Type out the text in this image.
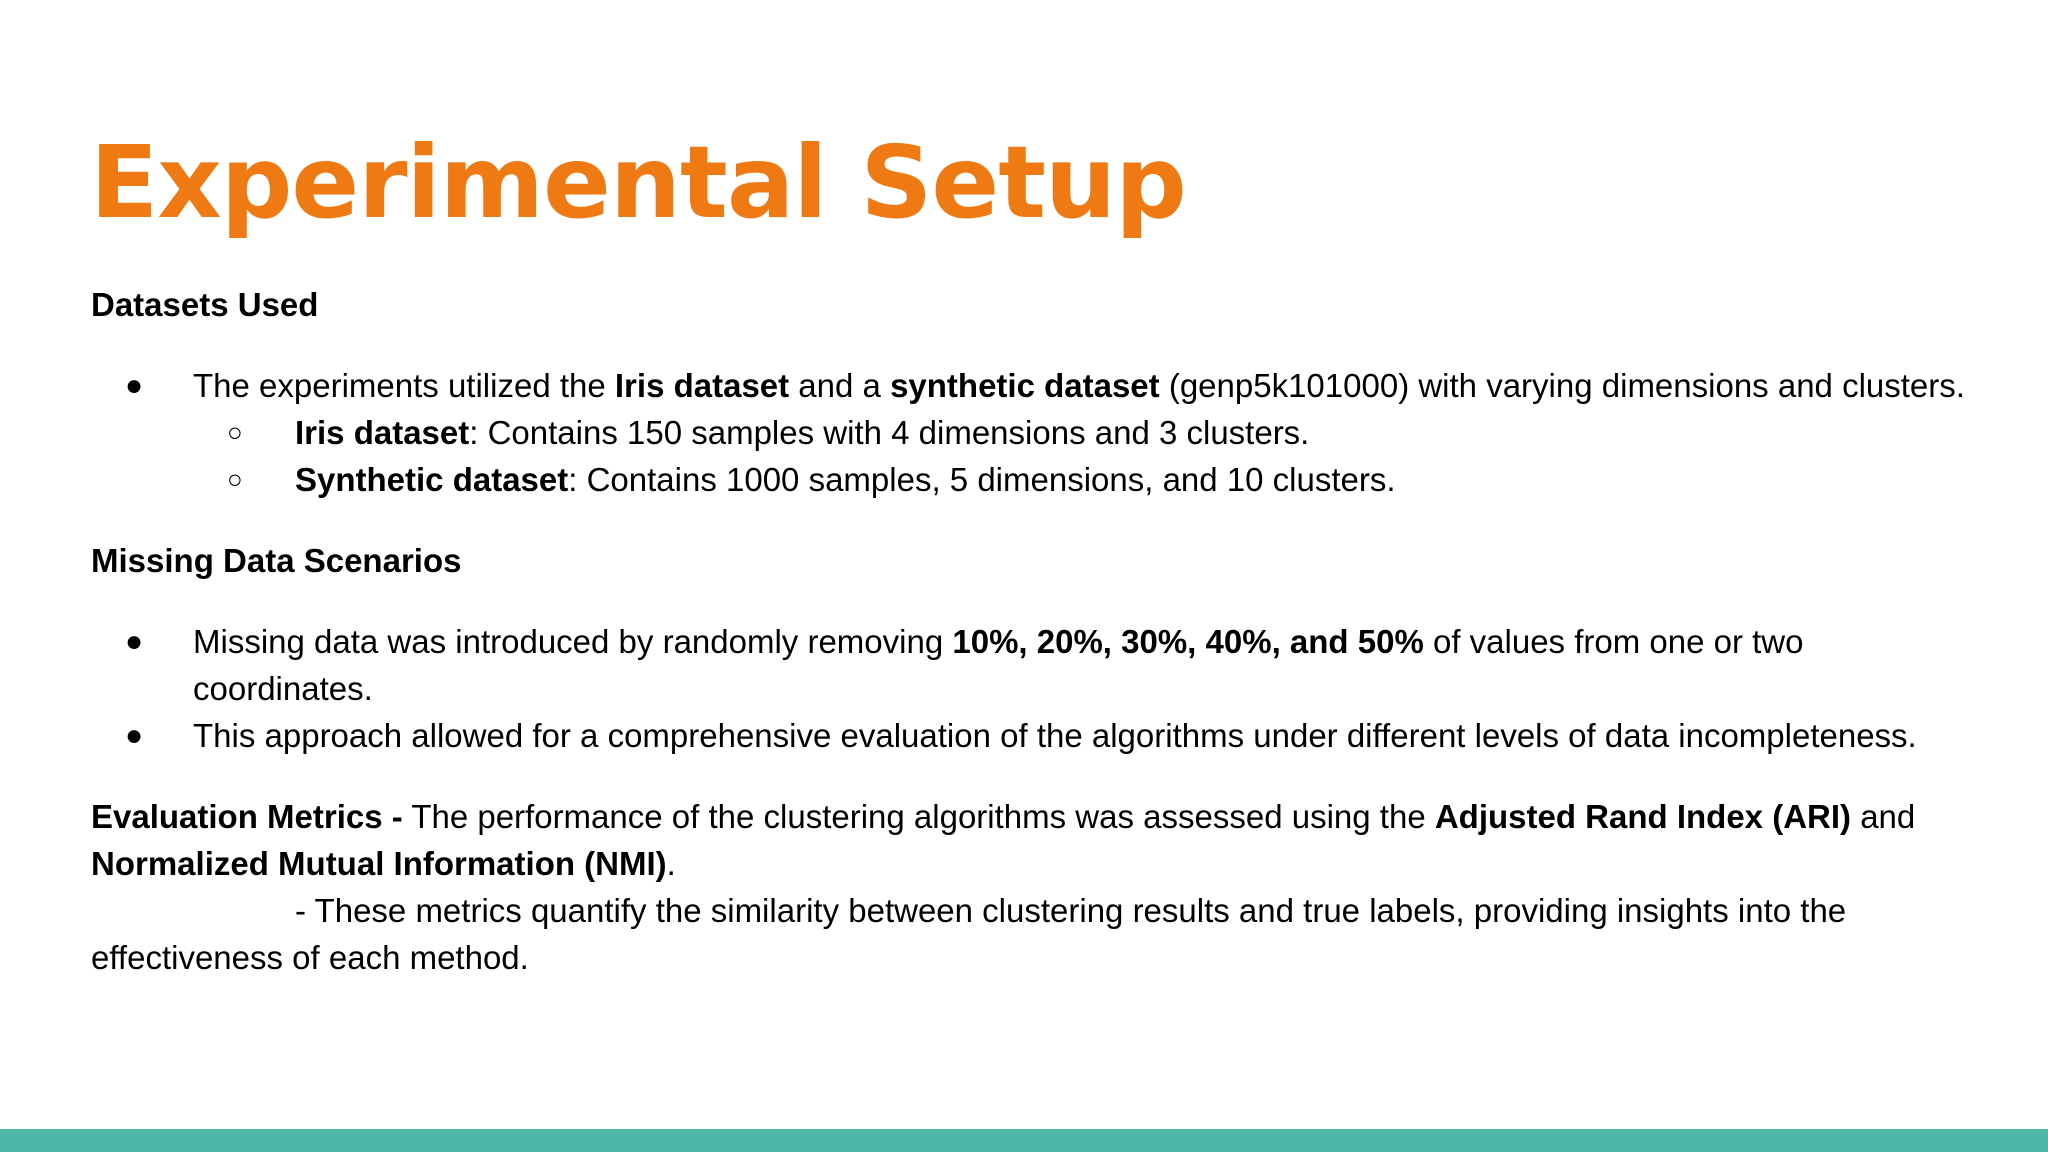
Experimental Setup

Datasets Used

● The experiments utilized the Iris dataset and a synthetic dataset (genp5k101000) with varying dimensions and clusters.
○ Iris dataset: Contains 150 samples with 4 dimensions and 3 clusters.
○ Synthetic dataset: Contains 1000 samples, 5 dimensions, and 10 clusters.

Missing Data Scenarios

● Missing data was introduced by randomly removing 10%, 20%, 30%, 40%, and 50% of values from one or two coordinates.
● This approach allowed for a comprehensive evaluation of the algorithms under different levels of data incompleteness.

Evaluation Metrics - The performance of the clustering algorithms was assessed using the Adjusted Rand Index (ARI) and Normalized Mutual Information (NMI).

- These metrics quantify the similarity between clustering results and true labels, providing insights into the effectiveness of each method.
